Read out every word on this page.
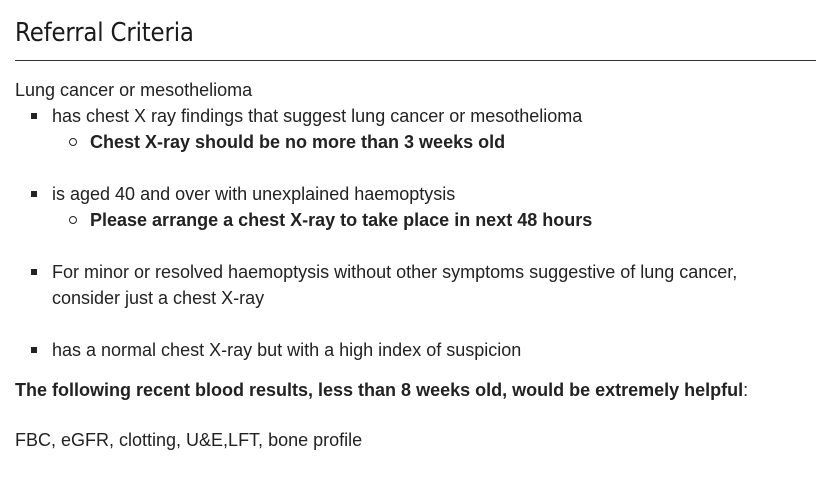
Referral Criteria
Lung cancer or mesothelioma
has chest X ray findings that suggest lung cancer or mesothelioma
Chest X-ray should be no more than 3 weeks old
is aged 40 and over with unexplained haemoptysis
Please arrange a chest X-ray to take place in next 48 hours
For minor or resolved haemoptysis without other symptoms suggestive of lung cancer,
consider just a chest X-ray
has a normal chest X-ray but with a high index of suspicion
The following recent blood results, less than 8 weeks old, would be extremely helpful:
FBC, eGFR, clotting, U&E,LFT, bone profile
